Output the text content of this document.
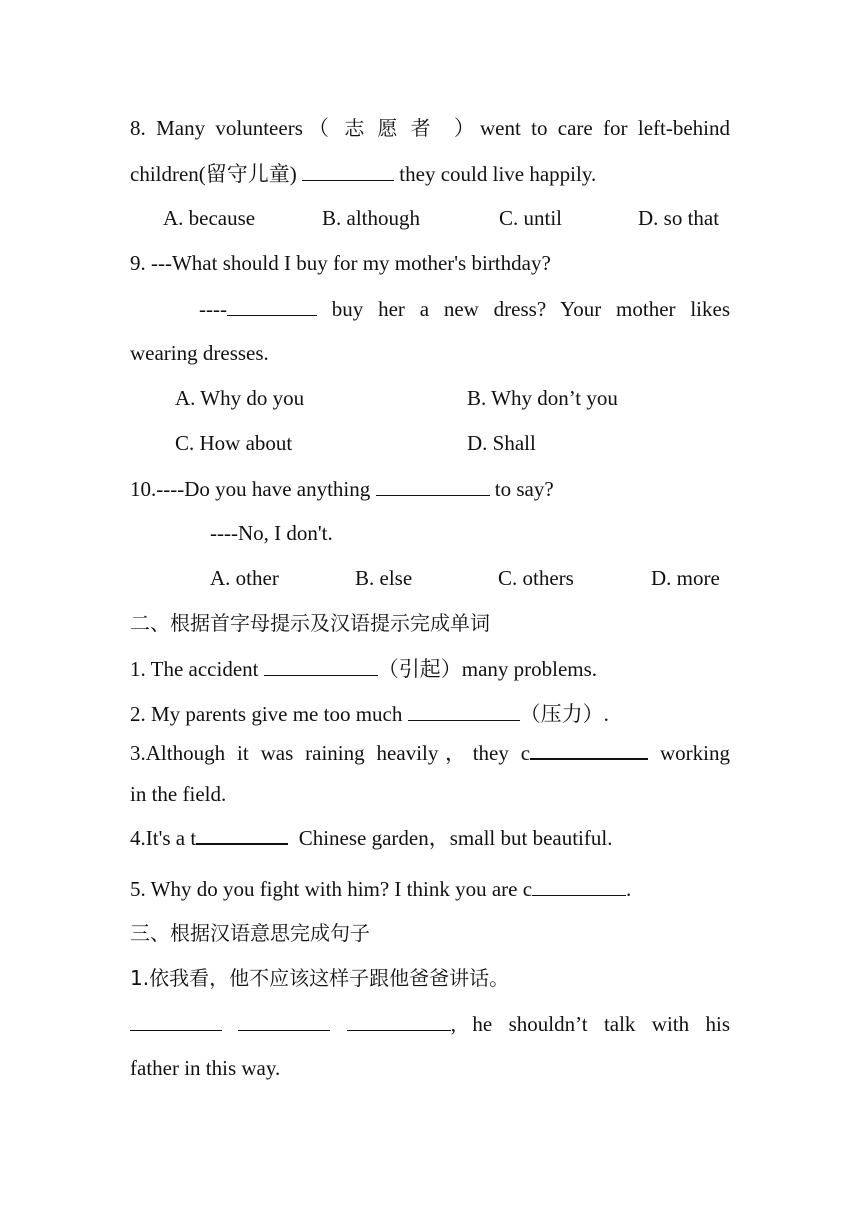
8. Many volunteers（ 志愿者 ）went to care for left-behind
children(留守儿童)	they could live happily.
A. because	B. although	C. until	D. so that
9. ---What should I buy for my mother's birthday?
----	buy her a new dress? Your mother likes
wearing dresses.
A. Why do you	B. Why don’t you
C. How about	D. Shall
10.----Do you have anything	to say?
----No, I don't.
A. other	B. else	C. others	D. more
二、根据首字母提示及汉语提示完成单词
1. The accident	（引起）many problems.
2. My parents give me too much	（压力）.
3.Although it was raining heavily，they c	working
in the field.
4.It's a t	Chinese garden，small but beautiful.
5. Why do you fight with him? I think you are c	.
三、根据汉语意思完成句子
1.依我看，他不应该这样子跟他爸爸讲话。
, he shouldn’t talk with his
father in this way.
